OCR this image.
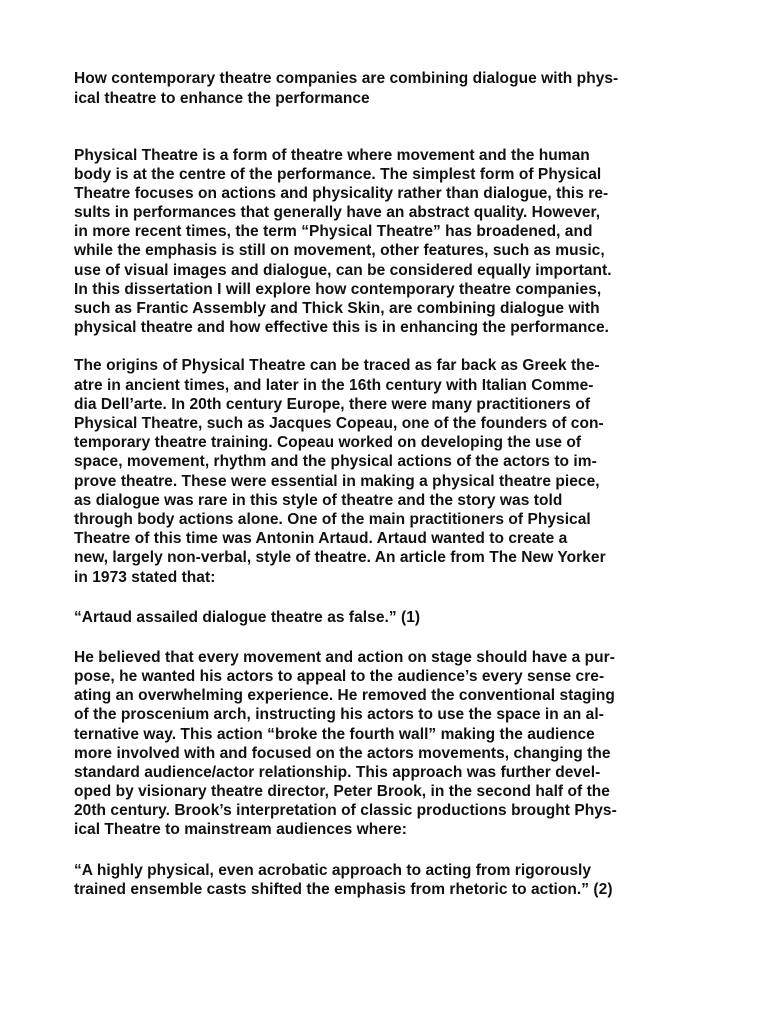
How contemporary theatre companies are combining dialogue with phys-
ical theatre to enhance the performance
Physical Theatre is a form of theatre where movement and the human
body is at the centre of the performance. The simplest form of Physical
Theatre focuses on actions and physicality rather than dialogue, this re-
sults in performances that generally have an abstract quality. However,
in more recent times, the term “Physical Theatre” has broadened, and
while the emphasis is still on movement, other features, such as music,
use of visual images and dialogue, can be considered equally important.
In this dissertation I will explore how contemporary theatre companies,
such as Frantic Assembly and Thick Skin, are combining dialogue with
physical theatre and how effective this is in enhancing the performance.
The origins of Physical Theatre can be traced as far back as Greek the-
atre in ancient times, and later in the 16th century with Italian Comme-
dia Dell’arte. In 20th century Europe, there were many practitioners of
Physical Theatre, such as Jacques Copeau, one of the founders of con-
temporary theatre training. Copeau worked on developing the use of
space, movement, rhythm and the physical actions of the actors to im-
prove theatre. These were essential in making a physical theatre piece,
as dialogue was rare in this style of theatre and the story was told
through body actions alone. One of the main practitioners of Physical
Theatre of this time was Antonin Artaud. Artaud wanted to create a
new, largely non-verbal, style of theatre. An article from The New Yorker
in 1973 stated that:
“Artaud assailed dialogue theatre as false.” (1)
He believed that every movement and action on stage should have a pur-
pose, he wanted his actors to appeal to the audience’s every sense cre-
ating an overwhelming experience. He removed the conventional staging
of the proscenium arch, instructing his actors to use the space in an al-
ternative way. This action “broke the fourth wall” making the audience
more involved with and focused on the actors movements, changing the
standard audience/actor relationship. This approach was further devel-
oped by visionary theatre director, Peter Brook, in the second half of the
20th century. Brook’s interpretation of classic productions brought Phys-
ical Theatre to mainstream audiences where:
“A highly physical, even acrobatic approach to acting from rigorously
trained ensemble casts shifted the emphasis from rhetoric to action.” (2)
